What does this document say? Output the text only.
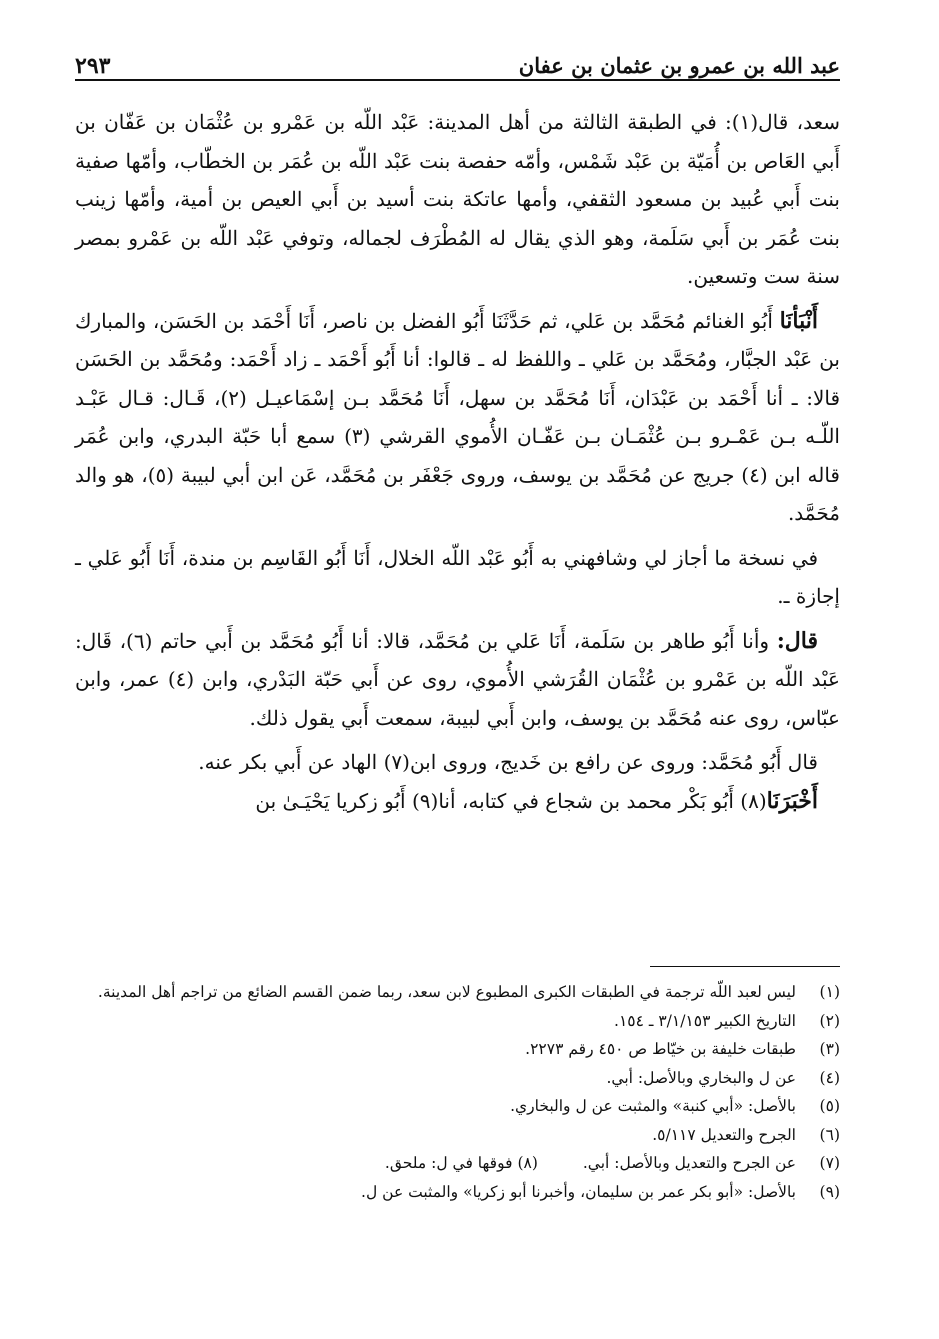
٢٩٣	عبد الله بن عمرو بن عثمان بن عفان

سعد، قال(١): في الطبقة الثالثة من أهل المدينة: عَبْد اللّه بن عَمْرو بن عُثْمَان بن عَفّان بن أَبي العَاص بن أُمَيّة بن عَبْد شَمْس، وأمّه حفصة بنت عَبْد اللّه بن عُمَر بن الخطّاب، وأمّها صفية بنت أَبي عُبيد بن مسعود الثقفي، وأمها عاتكة بنت أسيد بن أَبي العيص بن أمية، وأمّها زينب بنت عُمَر بن أَبي سَلَمة، وهو الذي يقال له المُطْرَف لجماله، وتوفي عَبْد اللّه بن عَمْرو بمصر سنة ست وتسعين.

أَنْبَأنَا أَبُو الغنائم مُحَمَّد بن عَلي، ثم حَدَّثَنَا أَبُو الفضل بن ناصر، أَنَا أَحْمَد بن الحَسَن، والمبارك بن عَبْد الجبَّار، ومُحَمَّد بن عَلي ـ واللفظ له ـ قالوا: أنا أَبُو أَحْمَد ـ زاد أَحْمَد: ومُحَمَّد بن الحَسَن قالا: ـ أنا أَحْمَد بن عَبْدَان، أَنَا مُحَمَّد بن سهل، أَنَا مُحَمَّد بـن إسْمَاعيـل (٢)، قَـال: قـال عَبْـد اللّـه بـن عَمْـرو بـن عُثْمَـان بـن عَفّـان الأُموي القرشي (٣) سمع أبا حَبّة البدري، وابن عُمَر قاله ابن (٤) جريج عن مُحَمَّد بن يوسف، وروى جَعْفَر بن مُحَمَّد، عَن ابن أبي لبيبة (٥)، هو والد مُحَمَّد.

في نسخة ما أجاز لي وشافهني به أَبُو عَبْد اللّه الخلال، أَنَا أَبُو القَاسِم بن مندة، أَنَا أَبُو عَلي ـ إجازة ـ.

قال: وأنا أَبُو طاهر بن سَلَمة، أَنَا عَلي بن مُحَمَّد، قالا: أنا أَبُو مُحَمَّد بن أَبي حاتم (٦)، قَال: عَبْد اللّه بن عَمْرو بن عُثْمَان القُرَشي الأُموي، روى عن أَبي حَبّة البَدْري، وابن (٤) عمر، وابن عبّاس، روى عنه مُحَمَّد بن يوسف، وابن أَبي لبيبة، سمعت أَبي يقول ذلك.

قال أَبُو مُحَمَّد: وروى عن رافع بن خَديج، وروى ابن(٧) الهاد عن أَبي بكر عنه.

أَخْبَرَنَا(٨) أَبُو بَكْر محمد بن شجاع في كتابه، أنا(٩) أَبُو زكريا يَحْيَـىٰ بن

(١)
ليس لعبد اللّه ترجمة في الطبقات الكبرى المطبوع لابن سعد، ربما ضمن القسم الضائع من تراجم أهل المدينة.
(٢)
التاريخ الكبير ٣/١/١٥٣ ـ ١٥٤.
(٣)
طبقات خليفة بن خيّاط ص ٤٥٠ رقم ٢٢٧٣.
(٤)
عن ل والبخاري وبالأصل: أبي.
(٥)
بالأصل: «أبي كنبة» والمثبت عن ل والبخاري.
(٦)
الجرح والتعديل ٥/١١٧.
(٧)
عن الجرح والتعديل وبالأصل: أبي. (٨) فوقها في ل: ملحق.
(٩)
بالأصل: «أبو بكر عمر بن سليمان، وأخبرنا أبو زكريا» والمثبت عن ل.
